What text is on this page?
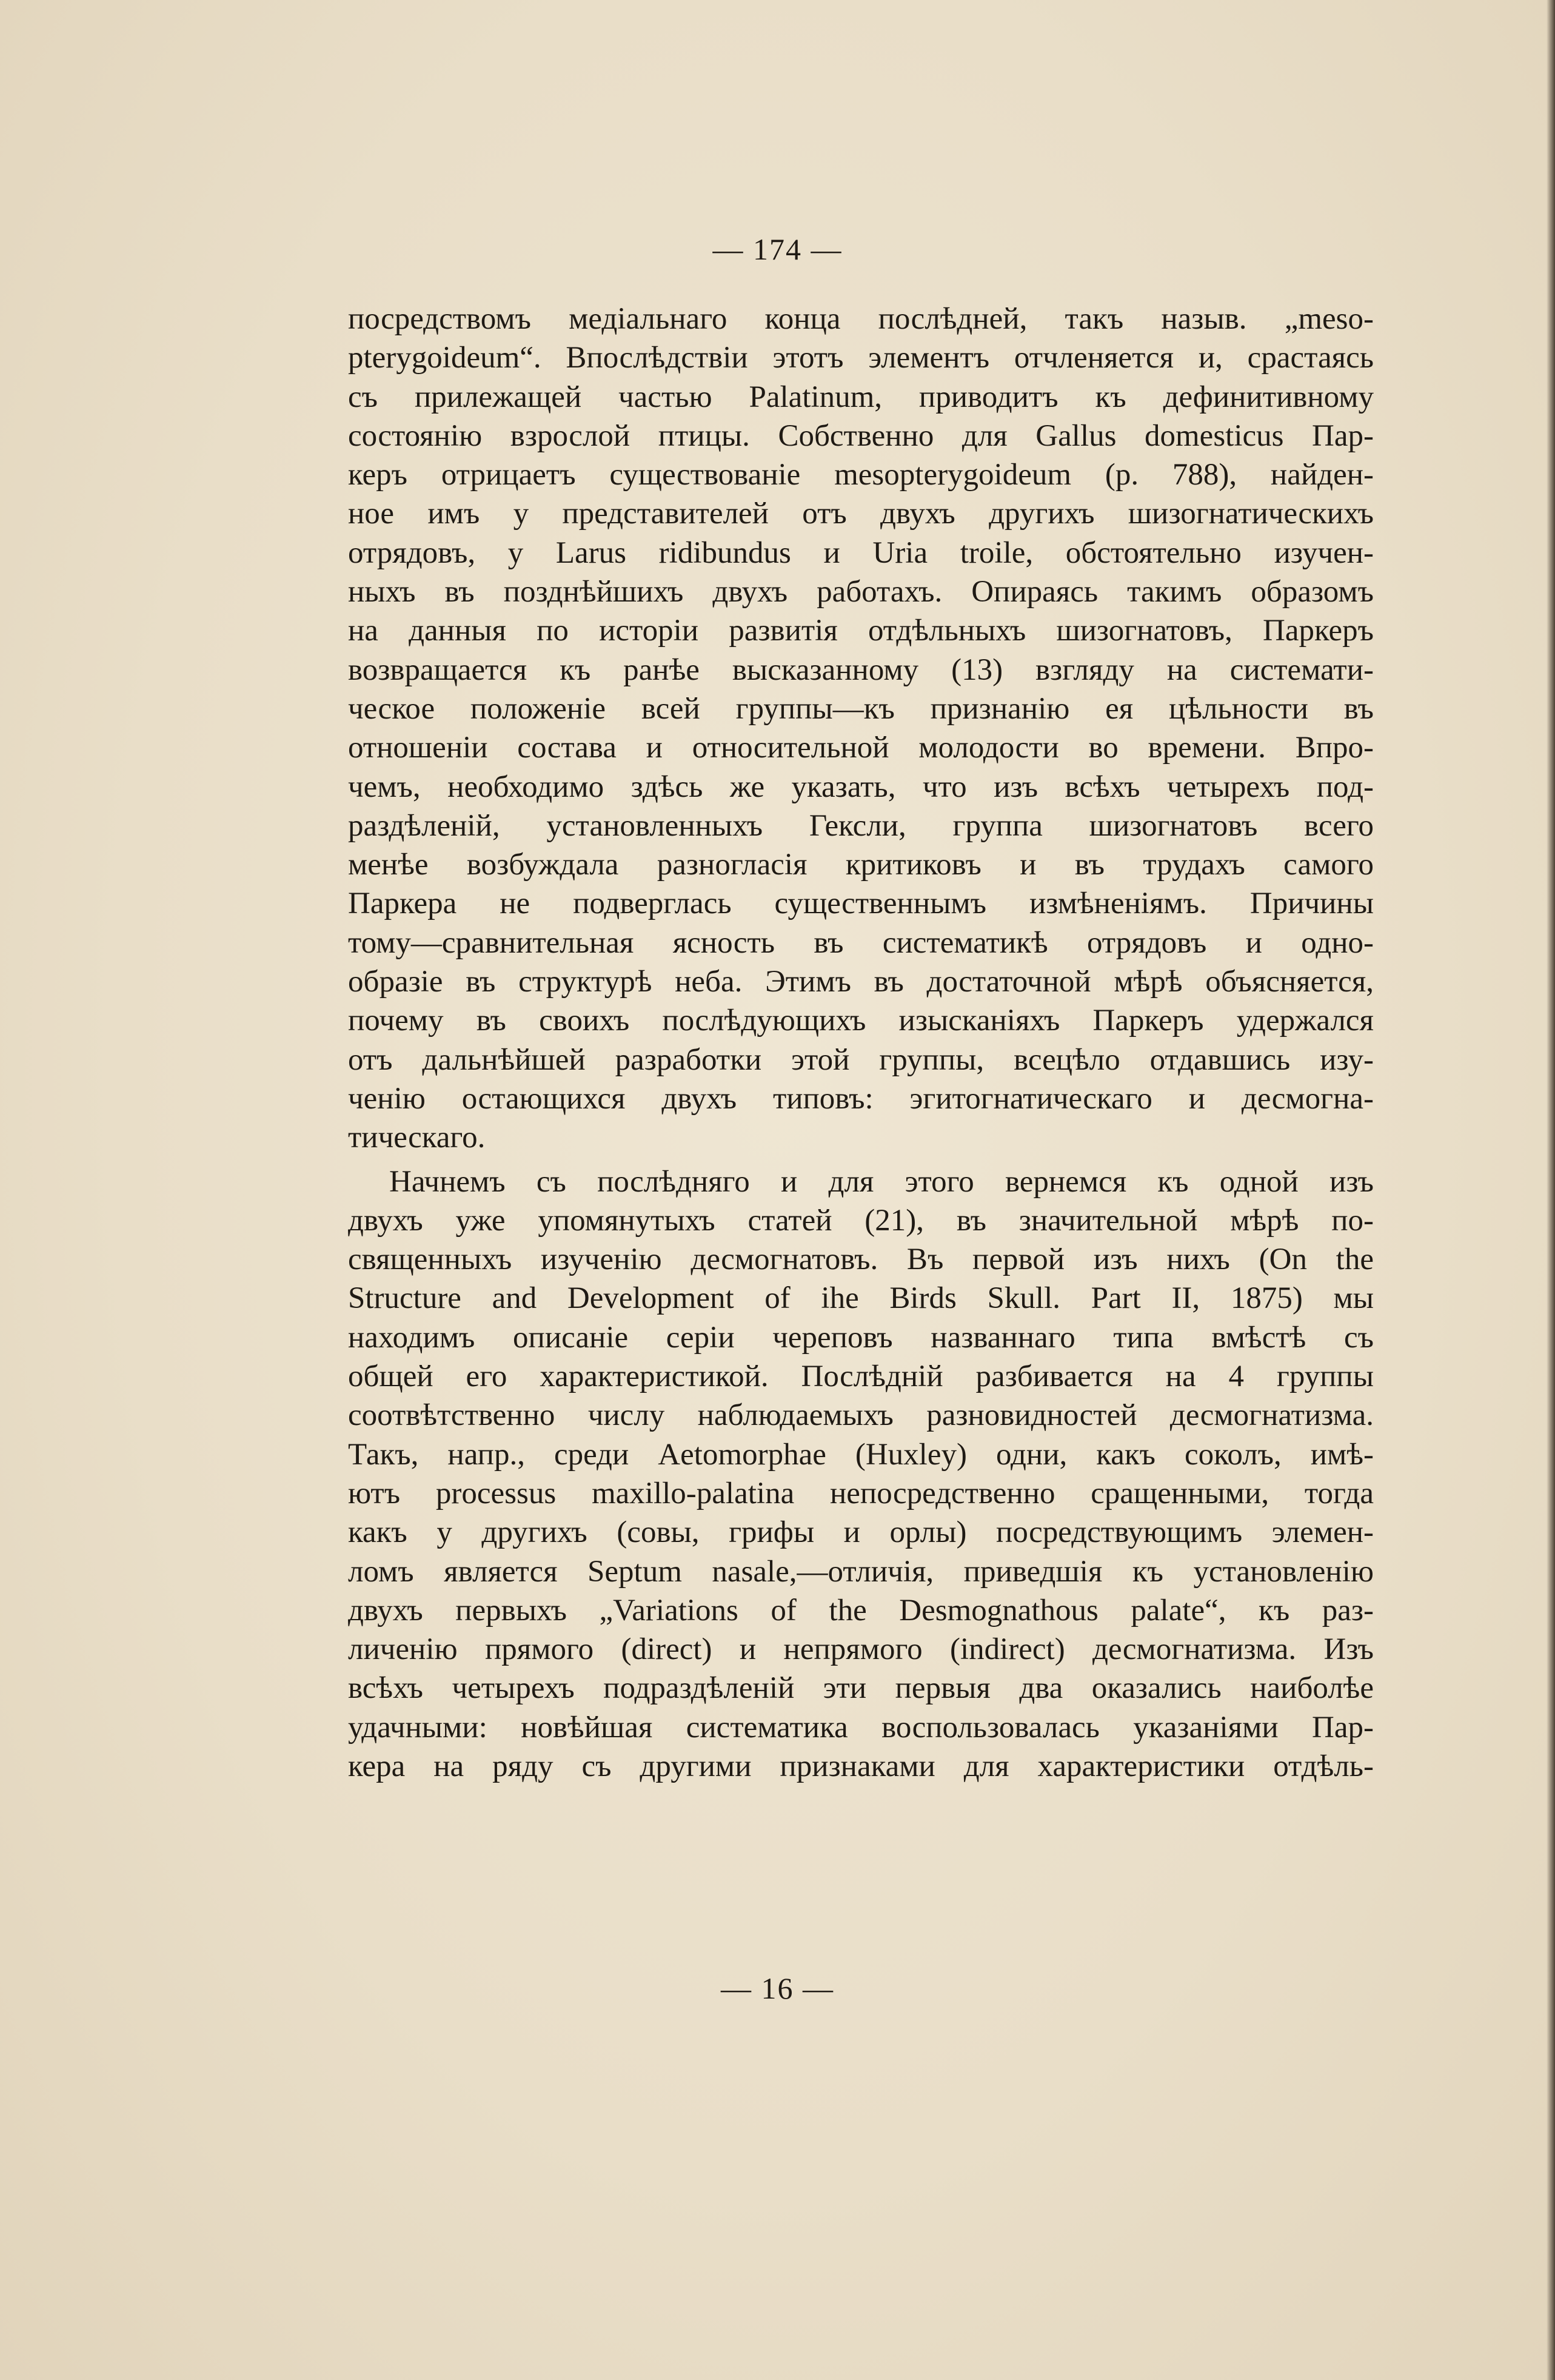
— 174 —
посредствомъ медіальнаго конца послѣдней, такъ назыв. „meso-
pterygoideum“. Впослѣдствіи этотъ элементъ отчленяется и, срастаясь
съ прилежащей частью Palatinum, приводитъ къ дефинитивному
состоянію взрослой птицы. Собственно для Gallus domesticus Пар-
керъ отрицаетъ существованіе mesopterygoideum (p. 788), найден-
ное имъ у представителей отъ двухъ другихъ шизогнатическихъ
отрядовъ, у Larus ridibundus и Uria troile, обстоятельно изучен-
ныхъ въ позднѣйшихъ двухъ работахъ. Опираясь такимъ образомъ
на данныя по исторіи развитія отдѣльныхъ шизогнатовъ, Паркеръ
возвращается къ ранѣе высказанному (13) взгляду на системати-
ческое положеніе всей группы—къ признанію ея цѣльности въ
отношеніи состава и относительной молодости во времени. Впро-
чемъ, необходимо здѣсь же указать, что изъ всѣхъ четырехъ под-
раздѣленій, установленныхъ Гексли, группа шизогнатовъ всего
менѣе возбуждала разногласія критиковъ и въ трудахъ самого
Паркера не подверглась существеннымъ измѣненіямъ. Причины
тому—сравнительная ясность въ систематикѣ отрядовъ и одно-
образіе въ структурѣ неба. Этимъ въ достаточной мѣрѣ объясняется,
почему въ своихъ послѣдующихъ изысканіяхъ Паркеръ удержался
отъ дальнѣйшей разработки этой группы, всецѣло отдавшись изу-
ченію остающихся двухъ типовъ: эгитогнатическаго и десмогна-
тическаго.
Начнемъ съ послѣдняго и для этого вернемся къ одной изъ
двухъ уже упомянутыхъ статей (21), въ значительной мѣрѣ по-
священныхъ изученію десмогнатовъ. Въ первой изъ нихъ (On the
Structure and Development of ihe Birds Skull. Part II, 1875) мы
находимъ описаніе серіи череповъ названнаго типа вмѣстѣ съ
общей его характеристикой. Послѣдній разбивается на 4 группы
соотвѣтственно числу наблюдаемыхъ разновидностей десмогнатизма.
Такъ, напр., среди Aetomorphae (Huxley) одни, какъ соколъ, имѣ-
ютъ processus maxillo-palatina непосредственно сращенными, тогда
какъ у другихъ (совы, грифы и орлы) посредствующимъ элемен-
ломъ является Septum nasale,—отличія, приведшія къ установленію
двухъ первыхъ „Variations of the Desmognathous palate“, къ раз-
личенію прямого (direct) и непрямого (indirect) десмогнатизма. Изъ
всѣхъ четырехъ подраздѣленій эти первыя два оказались наиболѣе
удачными: новѣйшая систематика воспользовалась указаніями Пар-
кера на ряду съ другими признаками для характеристики отдѣль-
— 16 —
